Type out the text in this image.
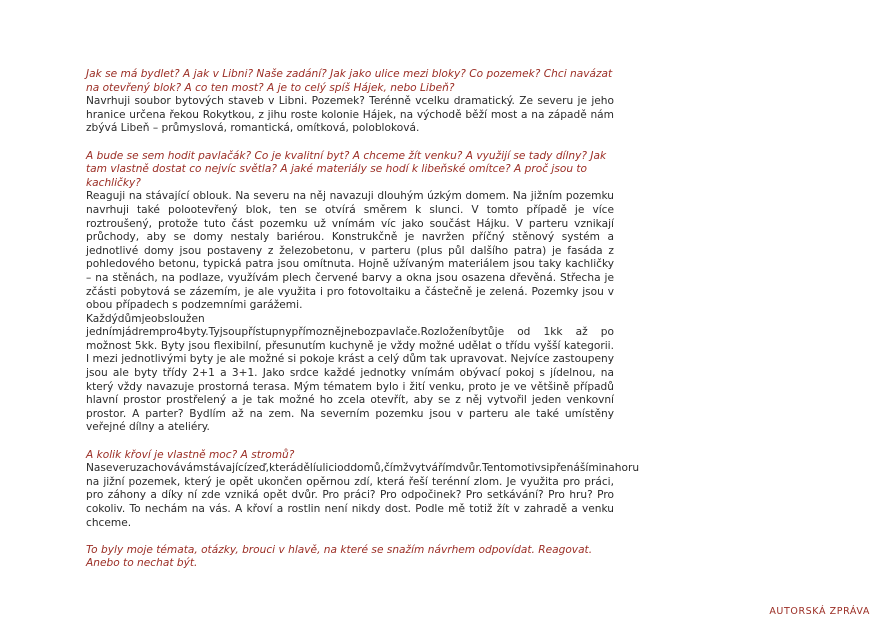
Jak se má bydlet? A jak v Libni? Naše zadání? Jak jako ulice mezi bloky? Co pozemek? Chci navázat na otevřený blok? A co ten most? A je to celý spíš Hájek, nebo Libeň?

Navrhuji soubor bytových staveb v Libni. Pozemek? Terénně vcelku dramatický. Ze severu je jeho hranice určena řekou Rokytkou, z jihu roste kolonie Hájek, na východě běží most a na západě nám zbývá Libeň – průmyslová, romantická, omítková, polobloková.

A bude se sem hodit pavlačák? Co je kvalitní byt? A chceme žít venku? A využijí se tady dílny? Jak tam vlastně dostat co nejvíc světla? A jaké materiály se hodí k libeňské omítce? A proč jsou to kachličky?

Reaguji na stávající oblouk. Na severu na něj navazuji dlouhým úzkým domem. Na jižním pozemku navrhuji také polootevřený blok, ten se otvírá směrem k slunci. V tomto případě je více roztroušený, protože tuto část pozemku už vnímám víc jako součást Hájku. V parteru vznikají průchody, aby se domy nestaly bariérou. Konstrukčně je navržen příčný stěnový systém a jednotlivé domy jsou postaveny z železobetonu, v parteru (plus půl dalšího patra) je fasáda z pohledového betonu, typická patra jsou omítnuta. Hojně užívaným materiálem jsou taky kachličky – na stěnách, na podlaze, využívám plech červené barvy a okna jsou osazena dřevěná. Střecha je zčásti pobytová se zázemím, je ale využita i pro fotovoltaiku a částečně je zelená. Pozemky jsou v obou případech s podzemními garážemi.

Každýdůmjeobsloužen jednímjádrempro4byty.Tyjsoupřístupnypřímoznějnebozpavlače.Rozloženíbytůje od 1kk až po možnost 5kk. Byty jsou flexibilní, přesunutím kuchyně je vždy možné udělat o třídu vyšší kategorii. I mezi jednotlivými byty je ale možné si pokoje krást a celý dům tak upravovat. Nejvíce zastoupeny jsou ale byty třídy 2+1 a 3+1. Jako srdce každé jednotky vnímám obývací pokoj s jídelnou, na který vždy navazuje prostorná terasa. Mým tématem bylo i žití venku, proto je ve většině případů hlavní prostor prostřelený a je tak možné ho zcela otevřít, aby se z něj vytvořil jeden venkovní prostor. A parter? Bydlím až na zem. Na severním pozemku jsou v parteru ale také umístěny veřejné dílny a ateliéry.

A kolik křoví je vlastně moc? A stromů?

Naseveruzachovávámstávajícízeď,kterádělíulicioddomů,čímžvytvářímdvůr.Tentomotivsipřenášíminahoru na jižní pozemek, který je opět ukončen opěrnou zdí, která řeší terénní zlom. Je využita pro práci, pro záhony a díky ní zde vzniká opět dvůr. Pro práci? Pro odpočinek? Pro setkávání? Pro hru? Pro cokoliv. To nechám na vás. A křoví a rostlin není nikdy dost. Podle mě totiž žít v zahradě a venku chceme.

To byly moje témata, otázky, brouci v hlavě, na které se snažím návrhem odpovídat. Reagovat. Anebo to nechat být.

AUTORSKÁ ZPRÁVA
